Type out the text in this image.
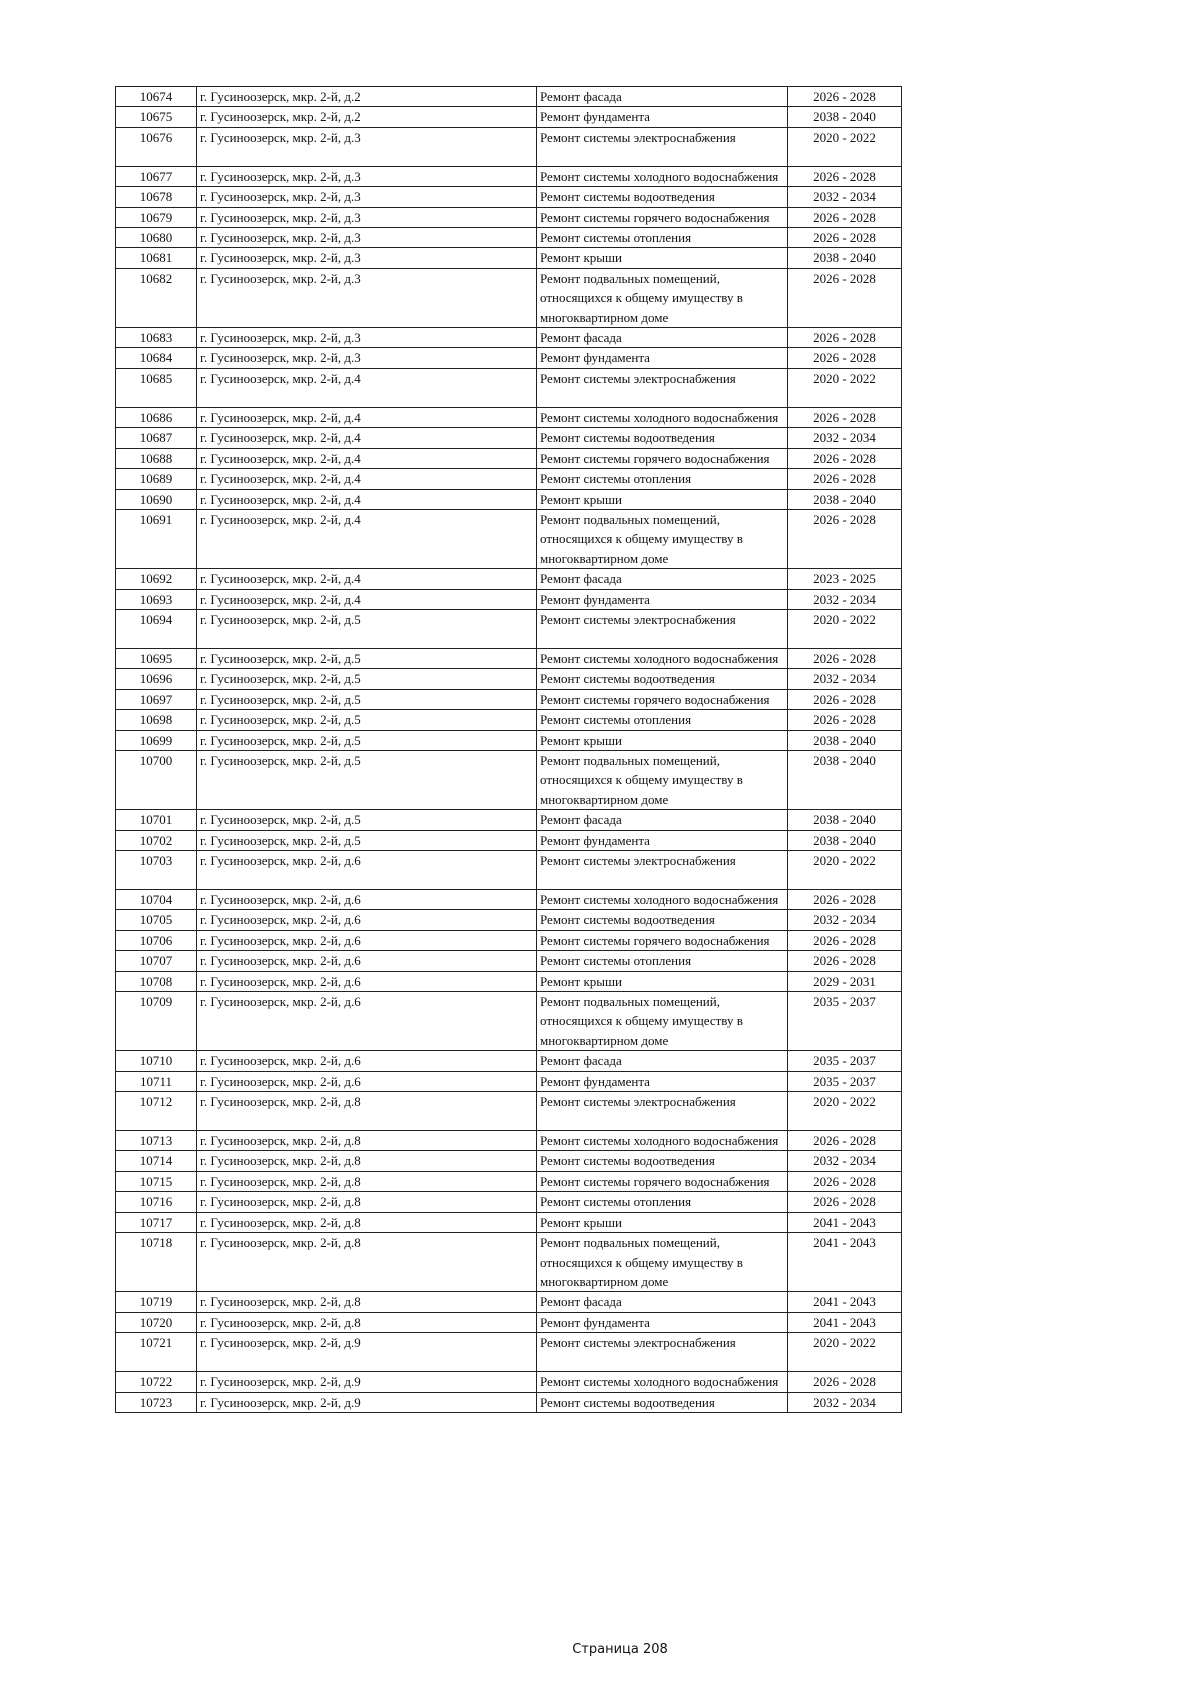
10674	г. Гусиноозерск, мкр. 2-й, д.2	Ремонт фасада	2026 - 2028
10675	г. Гусиноозерск, мкр. 2-й, д.2	Ремонт фундамента	2038 - 2040
10676	г. Гусиноозерск, мкр. 2-й, д.3	Ремонт системы электроснабжения	2020 - 2022
10677	г. Гусиноозерск, мкр. 2-й, д.3	Ремонт системы холодного водоснабжения	2026 - 2028
10678	г. Гусиноозерск, мкр. 2-й, д.3	Ремонт системы водоотведения	2032 - 2034
10679	г. Гусиноозерск, мкр. 2-й, д.3	Ремонт системы горячего водоснабжения	2026 - 2028
10680	г. Гусиноозерск, мкр. 2-й, д.3	Ремонт системы отопления	2026 - 2028
10681	г. Гусиноозерск, мкр. 2-й, д.3	Ремонт крыши	2038 - 2040
10682	г. Гусиноозерск, мкр. 2-й, д.3	Ремонт подвальных помещений, относящихся к общему имуществу в многоквартирном доме	2026 - 2028
10683	г. Гусиноозерск, мкр. 2-й, д.3	Ремонт фасада	2026 - 2028
10684	г. Гусиноозерск, мкр. 2-й, д.3	Ремонт фундамента	2026 - 2028
10685	г. Гусиноозерск, мкр. 2-й, д.4	Ремонт системы электроснабжения	2020 - 2022
10686	г. Гусиноозерск, мкр. 2-й, д.4	Ремонт системы холодного водоснабжения	2026 - 2028
10687	г. Гусиноозерск, мкр. 2-й, д.4	Ремонт системы водоотведения	2032 - 2034
10688	г. Гусиноозерск, мкр. 2-й, д.4	Ремонт системы горячего водоснабжения	2026 - 2028
10689	г. Гусиноозерск, мкр. 2-й, д.4	Ремонт системы отопления	2026 - 2028
10690	г. Гусиноозерск, мкр. 2-й, д.4	Ремонт крыши	2038 - 2040
10691	г. Гусиноозерск, мкр. 2-й, д.4	Ремонт подвальных помещений, относящихся к общему имуществу в многоквартирном доме	2026 - 2028
10692	г. Гусиноозерск, мкр. 2-й, д.4	Ремонт фасада	2023 - 2025
10693	г. Гусиноозерск, мкр. 2-й, д.4	Ремонт фундамента	2032 - 2034
10694	г. Гусиноозерск, мкр. 2-й, д.5	Ремонт системы электроснабжения	2020 - 2022
10695	г. Гусиноозерск, мкр. 2-й, д.5	Ремонт системы холодного водоснабжения	2026 - 2028
10696	г. Гусиноозерск, мкр. 2-й, д.5	Ремонт системы водоотведения	2032 - 2034
10697	г. Гусиноозерск, мкр. 2-й, д.5	Ремонт системы горячего водоснабжения	2026 - 2028
10698	г. Гусиноозерск, мкр. 2-й, д.5	Ремонт системы отопления	2026 - 2028
10699	г. Гусиноозерск, мкр. 2-й, д.5	Ремонт крыши	2038 - 2040
10700	г. Гусиноозерск, мкр. 2-й, д.5	Ремонт подвальных помещений, относящихся к общему имуществу в многоквартирном доме	2038 - 2040
10701	г. Гусиноозерск, мкр. 2-й, д.5	Ремонт фасада	2038 - 2040
10702	г. Гусиноозерск, мкр. 2-й, д.5	Ремонт фундамента	2038 - 2040
10703	г. Гусиноозерск, мкр. 2-й, д.6	Ремонт системы электроснабжения	2020 - 2022
10704	г. Гусиноозерск, мкр. 2-й, д.6	Ремонт системы холодного водоснабжения	2026 - 2028
10705	г. Гусиноозерск, мкр. 2-й, д.6	Ремонт системы водоотведения	2032 - 2034
10706	г. Гусиноозерск, мкр. 2-й, д.6	Ремонт системы горячего водоснабжения	2026 - 2028
10707	г. Гусиноозерск, мкр. 2-й, д.6	Ремонт системы отопления	2026 - 2028
10708	г. Гусиноозерск, мкр. 2-й, д.6	Ремонт крыши	2029 - 2031
10709	г. Гусиноозерск, мкр. 2-й, д.6	Ремонт подвальных помещений, относящихся к общему имуществу в многоквартирном доме	2035 - 2037
10710	г. Гусиноозерск, мкр. 2-й, д.6	Ремонт фасада	2035 - 2037
10711	г. Гусиноозерск, мкр. 2-й, д.6	Ремонт фундамента	2035 - 2037
10712	г. Гусиноозерск, мкр. 2-й, д.8	Ремонт системы электроснабжения	2020 - 2022
10713	г. Гусиноозерск, мкр. 2-й, д.8	Ремонт системы холодного водоснабжения	2026 - 2028
10714	г. Гусиноозерск, мкр. 2-й, д.8	Ремонт системы водоотведения	2032 - 2034
10715	г. Гусиноозерск, мкр. 2-й, д.8	Ремонт системы горячего водоснабжения	2026 - 2028
10716	г. Гусиноозерск, мкр. 2-й, д.8	Ремонт системы отопления	2026 - 2028
10717	г. Гусиноозерск, мкр. 2-й, д.8	Ремонт крыши	2041 - 2043
10718	г. Гусиноозерск, мкр. 2-й, д.8	Ремонт подвальных помещений, относящихся к общему имуществу в многоквартирном доме	2041 - 2043
10719	г. Гусиноозерск, мкр. 2-й, д.8	Ремонт фасада	2041 - 2043
10720	г. Гусиноозерск, мкр. 2-й, д.8	Ремонт фундамента	2041 - 2043
10721	г. Гусиноозерск, мкр. 2-й, д.9	Ремонт системы электроснабжения	2020 - 2022
10722	г. Гусиноозерск, мкр. 2-й, д.9	Ремонт системы холодного водоснабжения	2026 - 2028
10723	г. Гусиноозерск, мкр. 2-й, д.9	Ремонт системы водоотведения	2032 - 2034
Страница 208
